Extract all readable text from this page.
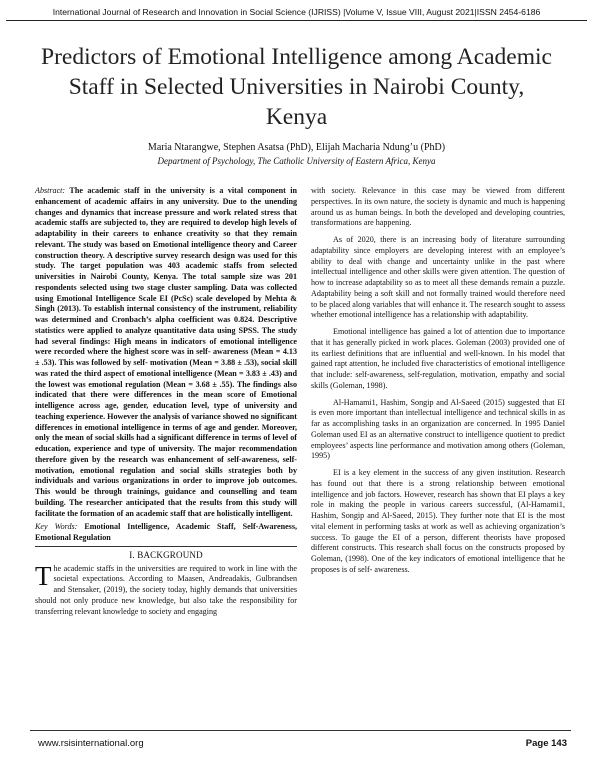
International Journal of Research and Innovation in Social Science (IJRISS) |Volume V, Issue VIII, August 2021|ISSN 2454-6186
Predictors of Emotional Intelligence among Academic Staff in Selected Universities in Nairobi County, Kenya
Maria Ntarangwe, Stephen Asatsa (PhD), Elijah Macharia Ndung’u (PhD)
Department of Psychology, The Catholic University of Eastern Africa, Kenya

Abstract: The academic staff in the university is a vital component in enhancement of academic affairs in any university. Due to the unending changes and dynamics that increase pressure and work related stress that academic staffs are subjected to, they are required to develop high levels of adaptability in their careers to enhance creativity so that they remain relevant. The study was based on Emotional intelligence theory and Career construction theory. A descriptive survey research design was used for this study. The target population was 403 academic staffs from selected universities in Nairobi County, Kenya. The total sample size was 201 respondents selected using two stage cluster sampling. Data was collected using Emotional Intelligence Scale EI (PcSc) scale developed by Mehta & Singh (2013). To establish internal consistency of the instrument, reliability was determined and Cronbach’s alpha coefficient was 0.824. Descriptive statistics were applied to analyze quantitative data using SPSS. The study had several findings: High means in indicators of emotional intelligence were recorded where the highest score was in self- awareness (Mean = 4.13 ± .53). This was followed by self- motivation (Mean = 3.88 ± .53), social skill was rated the third aspect of emotional intelligence (Mean = 3.83 ± .43) and the lowest was emotional regulation (Mean = 3.68 ± .55). The findings also indicated that there were differences in the mean score of Emotional intelligence across age, gender, education level, type of university and teaching experience. However the analysis of variance showed no significant differences in emotional intelligence in terms of age and gender. Moreover, only the mean of social skills had a significant difference in terms of level of education, experience and type of university. The major recommendation therefore given by the research was enhancement of self-awareness, self- motivation, emotional regulation and social skills strategies both by individuals and various organizations in order to improve job outcomes. This would be through trainings, guidance and counselling and team building. The researcher anticipated that the results from this study will facilitate the formation of an academic staff that are holistically intelligent.

Key Words: Emotional Intelligence, Academic Staff, Self-Awareness, Emotional Regulation

I. BACKGROUND

The academic staffs in the universities are required to work in line with the societal expectations. According to Maasen, Andreadakis, Gulbrandsen and Stensaker, (2019), the society today, highly demands that universities should not only produce new knowledge, but also take the responsibility for transferring relevant knowledge to society and engaging

with society. Relevance in this case may be viewed from different perspectives. In its own nature, the society is dynamic and much is happening around us as human beings. In both the developed and developing countries, transformations are happening.

As of 2020, there is an increasing body of literature surrounding adaptability since employers are developing interest with an employee’s ability to deal with change and uncertainty unlike in the past where intellectual intelligence and other skills were given attention. The question of how to increase adaptability so as to meet all these demands remain a puzzle. Adaptability being a soft skill and not formally trained would therefore need to be placed along variables that will enhance it. The research sought to assess whether emotional intelligence has a relationship with adaptability.

Emotional intelligence has gained a lot of attention due to importance that it has generally picked in work places. Goleman (2003) provided one of its earliest definitions that are influential and well-known. In his model that gained rapt attention, he included five characteristics of emotional intelligence that include: self-awareness, self-regulation, motivation, empathy and social skills (Goleman, 1998).

Al-Hamami1, Hashim, Songip and Al-Saeed (2015) suggested that EI is even more important than intellectual intelligence and technical skills in as far as accomplishing tasks in an organization are concerned. In 1995 Daniel Goleman used EI as an alternative construct to intelligence quotient to predict employees’ aspects line performance and motivation among others (Goleman, 1995)

EI is a key element in the success of any given institution. Research has found out that there is a strong relationship between emotional intelligence and job factors. However, research has shown that EI plays a key role in making the people in various careers successful, (Al-Hamami1, Hashim, Songip and Al-Saeed, 2015). They further note that EI is the most vital element in performing tasks at work as well as achieving organization’s success. To gauge the EI of a person, different theorists have proposed different constructs. This research shall focus on the constructs proposed by Goleman, (1998). One of the key indicators of emotional intelligence that he proposes is of self- awareness.

www.rsisinternational.org	Page 143
